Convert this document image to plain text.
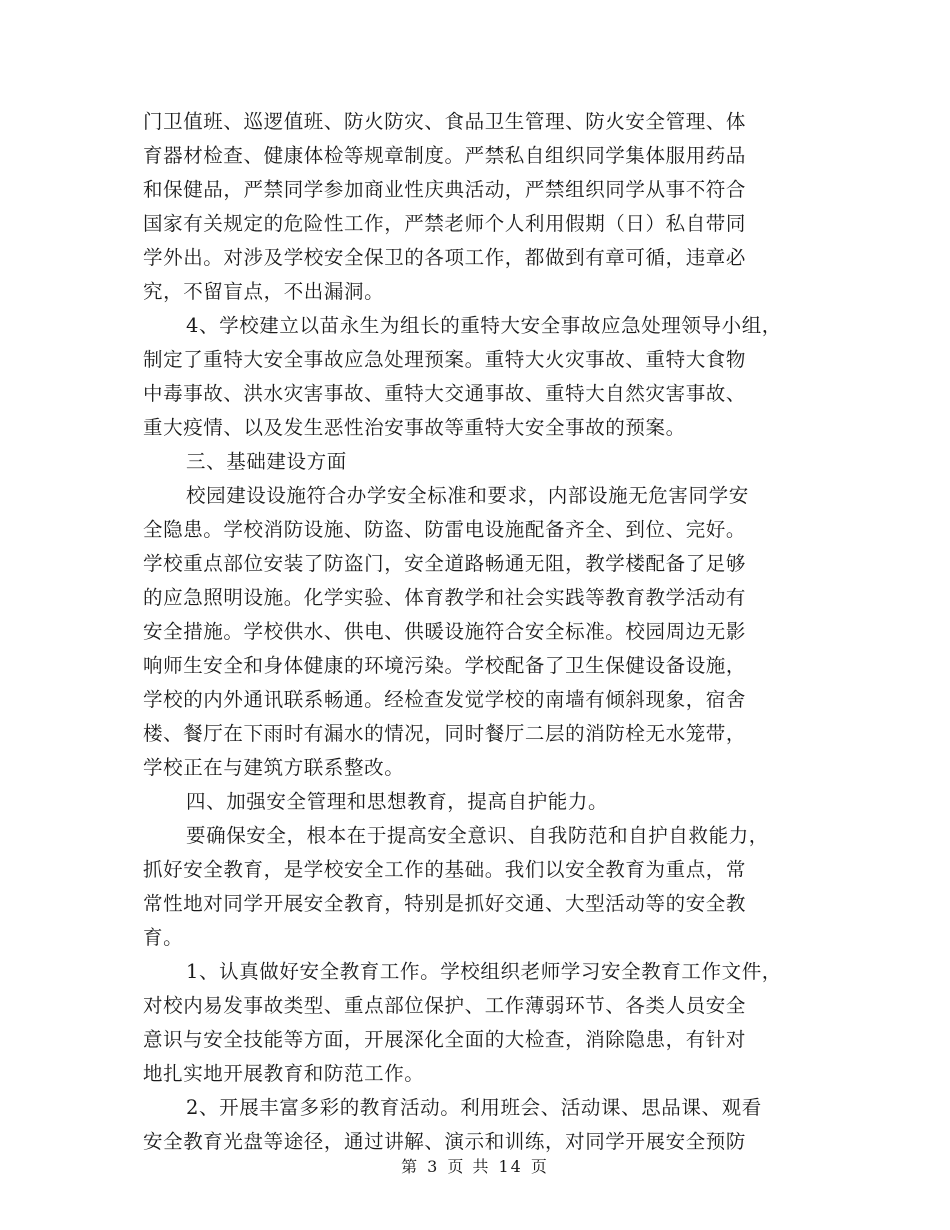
门卫值班、巡逻值班、防火防灾、食品卫生管理、防火安全管理、体
育器材检查、健康体检等规章制度。严禁私自组织同学集体服用药品
和保健品，严禁同学参加商业性庆典活动，严禁组织同学从事不符合
国家有关规定的危险性工作，严禁老师个人利用假期（日）私自带同
学外出。对涉及学校安全保卫的各项工作，都做到有章可循，违章必
究，不留盲点，不出漏洞。
4、学校建立以苗永生为组长的重特大安全事故应急处理领导小组，
制定了重特大安全事故应急处理预案。重特大火灾事故、重特大食物
中毒事故、洪水灾害事故、重特大交通事故、重特大自然灾害事故、
重大疫情、以及发生恶性治安事故等重特大安全事故的预案。
三、基础建设方面
校园建设设施符合办学安全标准和要求，内部设施无危害同学安
全隐患。学校消防设施、防盗、防雷电设施配备齐全、到位、完好。
学校重点部位安装了防盗门，安全道路畅通无阻，教学楼配备了足够
的应急照明设施。化学实验、体育教学和社会实践等教育教学活动有
安全措施。学校供水、供电、供暖设施符合安全标准。校园周边无影
响师生安全和身体健康的环境污染。学校配备了卫生保健设备设施，
学校的内外通讯联系畅通。经检查发觉学校的南墙有倾斜现象，宿舍
楼、餐厅在下雨时有漏水的情况，同时餐厅二层的消防栓无水笼带，
学校正在与建筑方联系整改。
四、加强安全管理和思想教育，提高自护能力。
要确保安全，根本在于提高安全意识、自我防范和自护自救能力，
抓好安全教育，是学校安全工作的基础。我们以安全教育为重点，常
常性地对同学开展安全教育，特别是抓好交通、大型活动等的安全教
育。
1、认真做好安全教育工作。学校组织老师学习安全教育工作文件，
对校内易发事故类型、重点部位保护、工作薄弱环节、各类人员安全
意识与安全技能等方面，开展深化全面的大检查，消除隐患，有针对
地扎实地开展教育和防范工作。
2、开展丰富多彩的教育活动。利用班会、活动课、思品课、观看
安全教育光盘等途径，通过讲解、演示和训练，对同学开展安全预防
第 3 页 共 14 页
